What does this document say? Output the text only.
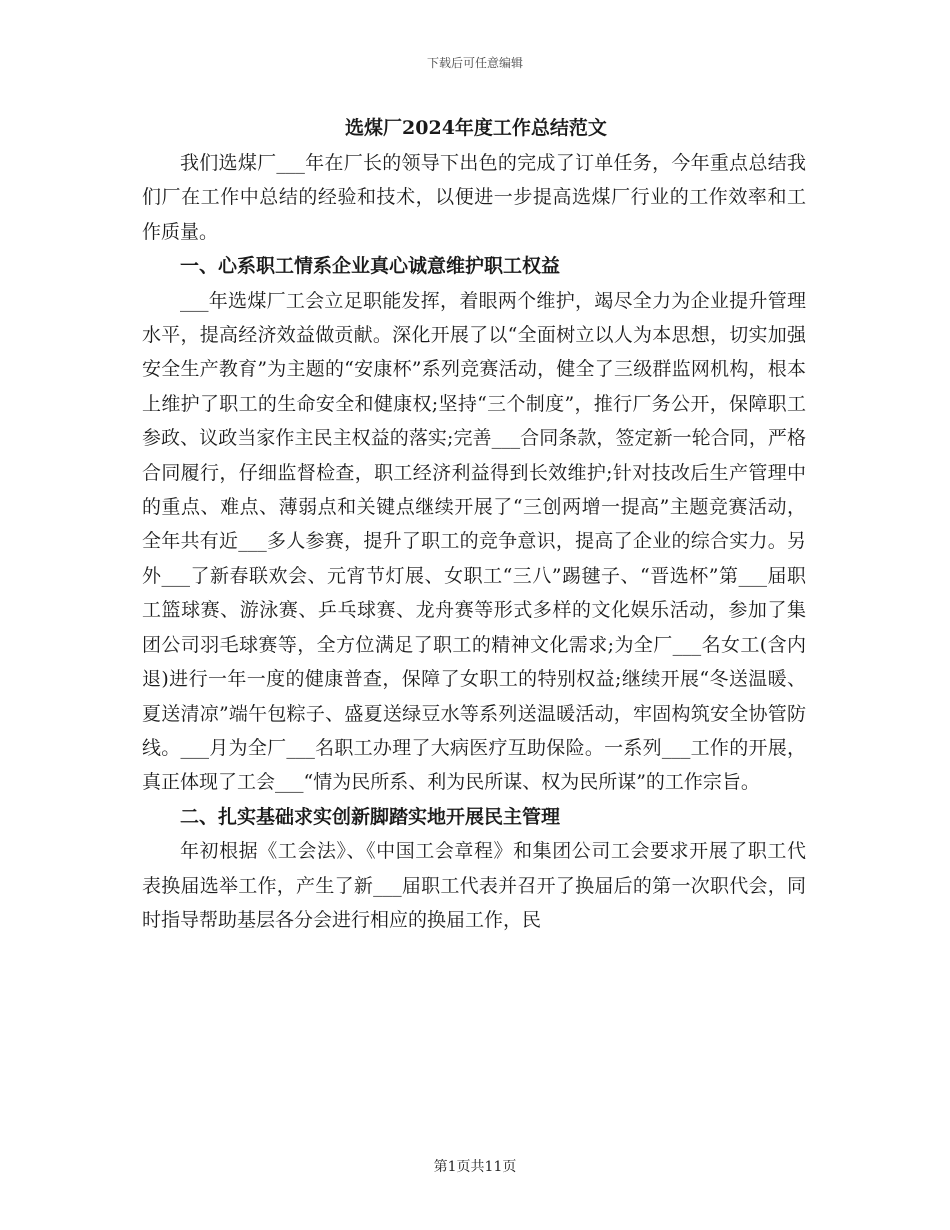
下载后可任意编辑
选煤厂2024年度工作总结范文

我们选煤厂___年在厂长的领导下出色的完成了订单任务，今年重点总结我们厂在工作中总结的经验和技术，以便进一步提高选煤厂行业的工作效率和工作质量。

一、心系职工情系企业真心诚意维护职工权益

___年选煤厂工会立足职能发挥，着眼两个维护，竭尽全力为企业提升管理水平，提高经济效益做贡献。深化开展了以“全面树立以人为本思想，切实加强安全生产教育”为主题的“安康杯”系列竞赛活动，健全了三级群监网机构，根本上维护了职工的生命安全和健康权;坚持“三个制度”，推行厂务公开，保障职工参政、议政当家作主民主权益的落实;完善___合同条款，签定新一轮合同，严格合同履行，仔细监督检查，职工经济利益得到长效维护;针对技改后生产管理中的重点、难点、薄弱点和关键点继续开展了“三创两增一提高”主题竞赛活动，全年共有近___多人参赛，提升了职工的竞争意识，提高了企业的综合实力。另外___了新春联欢会、元宵节灯展、女职工“三八”踢毽子、“晋选杯”第___届职工篮球赛、游泳赛、乒乓球赛、龙舟赛等形式多样的文化娱乐活动，参加了集团公司羽毛球赛等，全方位满足了职工的精神文化需求;为全厂___名女工(含内退)进行一年一度的健康普查，保障了女职工的特别权益;继续开展“冬送温暖、夏送清凉”端午包粽子、盛夏送绿豆水等系列送温暖活动，牢固构筑安全协管防线。___月为全厂___名职工办理了大病医疗互助保险。一系列___工作的开展，真正体现了工会___“情为民所系、利为民所谋、权为民所谋”的工作宗旨。

二、扎实基础求实创新脚踏实地开展民主管理

年初根据《工会法》、《中国工会章程》和集团公司工会要求开展了职工代表换届选举工作，产生了新___届职工代表并召开了换届后的第一次职代会，同时指导帮助基层各分会进行相应的换届工作，民

第1页共11页
